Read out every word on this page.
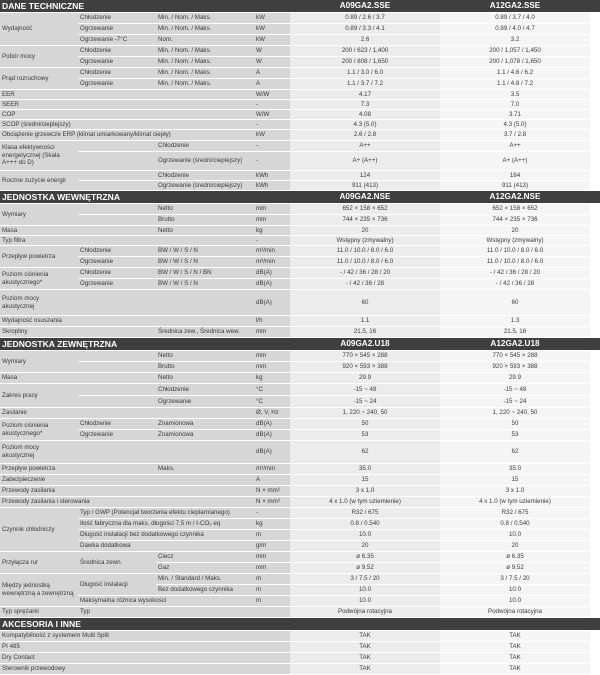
DANE TECHNICZNE				A09GA2.SSE	A12GA2.SSE	
Wydajność	Chłodzenie	Min. / Nom. / Maks.	kW	0.89 / 2.6 / 3.7	0.89 / 3.7 / 4.0	
	Ogrzewanie	Min. / Nom. / Maks.	kW	0.89 / 3.3 / 4.1	0.89 / 4.0 / 4.7	
	Ogrzewanie -7°C	Nom.	kW	2.6	3.2	
Pobór mocy	Chłodzenie	Min. / Nom. / Maks.	W	200 / 623 / 1,400	200 / 1,057 / 1,450	
	Ogrzewanie	Min. / Nom. / Maks.	W	200 / 808 / 1,650	200 / 1,078 / 1,650	
Prąd rozruchowy	Chłodzenie	Min. / Nom. / Maks.	A	1.1 / 3.0 / 6.0	1.1 / 4.6 / 6.2	
	Ogrzewanie	Min. / Nom. / Maks.	A	1.1 / 3.7 / 7.2	1.1 / 4.8 / 7.2	
EER			W/W	4.17	3.5	
SEER			-	7.3	7.0	
COP			W/W	4.08	3.71	
SCOP (średni/cieplejszy)			-	4.3 (5.0)	4.3 (5.0)	
Obciążenie grzewcze ERP (klimat umiarkowany/klimat ciepły)			kW	2.6 / 2.8	3.7 / 2.8	
Klasa efektywności energetycznej (Skala A+++ do D)	Chłodzenie		-	A++	A++	
	Ogrzewanie (średni/cieplejszy)		-	A+ (A++)	A+ (A++)	
Roczne zużycie energii	Chłodzenie		kWh	124	184	
	Ogrzewanie (średni/cieplejszy)		kWh	911 (413)	911 (413)	
JEDNOSTKA WEWNĘTRZNA				A09GA2.NSE	A12GA2.NSE	
Wymiary	Netto		mm	652 × 158 × 652	652 × 158 × 652	
	Brutto		mm	744 × 235 × 736	744 × 235 × 736	
Masa	Netto		kg	20	20	
Typ filtra			-	Wstępny (zmywalny)	Wstępny (zmywalny)	
Przepływ powietrza	Chłodzenie	BW / W / S / N	m³/min	11.0 / 10.0 / 8.0 / 6.0	11.0 / 10.0 / 8.0 / 6.0	
	Ogrzewanie	BW / W / S / N	m³/min	11.0 / 10.0 / 8.0 / 6.0	11.0 / 10.0 / 8.0 / 6.0	
Poziom ciśnienia akustycznego*	Chłodzenie	BW / W / S / N / BN	dB(A)	- / 42 / 36 / 28 / 20	- / 42 / 36 / 28 / 20	
	Ogrzewanie	BW / W / S / N	dB(A)	- / 42 / 36 / 28	- / 42 / 36 / 28	
Poziom mocy akustycznej			dB(A)	60	60	
Wydajność osuszania			l/h	1.1	1.3	
Skropliny	Średnica zew., Średnica wew.		mm	21.5, 16	21.5, 16	
JEDNOSTKA ZEWNĘTRZNA				A09GA2.U18	A12GA2.U18	
Wymiary	Netto		mm	770 × 545 × 288	770 × 545 × 288	
	Brutto		mm	920 × 593 × 388	920 × 593 × 388	
Masa	Netto		kg	29.9	29.9	
Zakres pracy	Chłodzenie		°C	-15 ~ 48	-15 ~ 48	
	Ogrzewanie		°C	-15 ~ 24	-15 ~ 24	
Zasilanie			Ø, V, Hz	1, 220 ~ 240, 50	1, 220 ~ 240, 50	
Poziom ciśnienia akustycznego*	Chłodzenie	Znamionowa	dB(A)	50	50	
	Ogrzewanie	Znamionowa	dB(A)	53	53	
Poziom mocy akustycznej			dB(A)	62	62	
Przepływ powietrza	Maks.		m³/min	35.0	35.0	
Zabezpieczenie			A	15	15	
Przewody zasilania			N × mm²	3 x 1.0	3 x 1.0	
Przewody zasilania i sterowania			N × mm²	4 x 1.0 (w tym uziemienie)	4 x 1.0 (w tym uziemienie)	
Czynnik chłodniczy	Typ / GWP (Potencjał tworzenia efektu cieplarnianego)		-	R32 / 675	R32 / 675	
	Ilość fabryczna dla maks. długości 7,5 m / t-CO₂ eq		kg	0.8 / 0.540	0.8 / 0.540	
	Długość instalacji bez dodatkowego czynnika		m	10.0	10.0	
	Dawka dodatkowa		g/m	20	20	
Przyłącza rur	Średnica zewn.	Ciecz	mm	ø 6.35	ø 6.35	
		Gaz	mm	ø 9.52	ø 9.52	
Między jednostką wewnętrzną a zewnętrzną	Długość instalacji	Min. / Standard / Maks.	m	3 / 7.5 / 20	3 / 7.5 / 20	
		Bez dodatkowego czynnika	m	10.0	10.0	
	Maksymalna różnica wysokości		m	10.0	10.0	
Typ sprężarki	Typ			Podwójna rotacyjna	Podwójna rotacyjna	
AKCESORIA I INNE						
Kompatybilność z systemem Multi Split				TAK	TAK	
PI 485				TAK	TAK	
Dry Contact				TAK	TAK	
Sterownik przewodowy				TAK	TAK	
